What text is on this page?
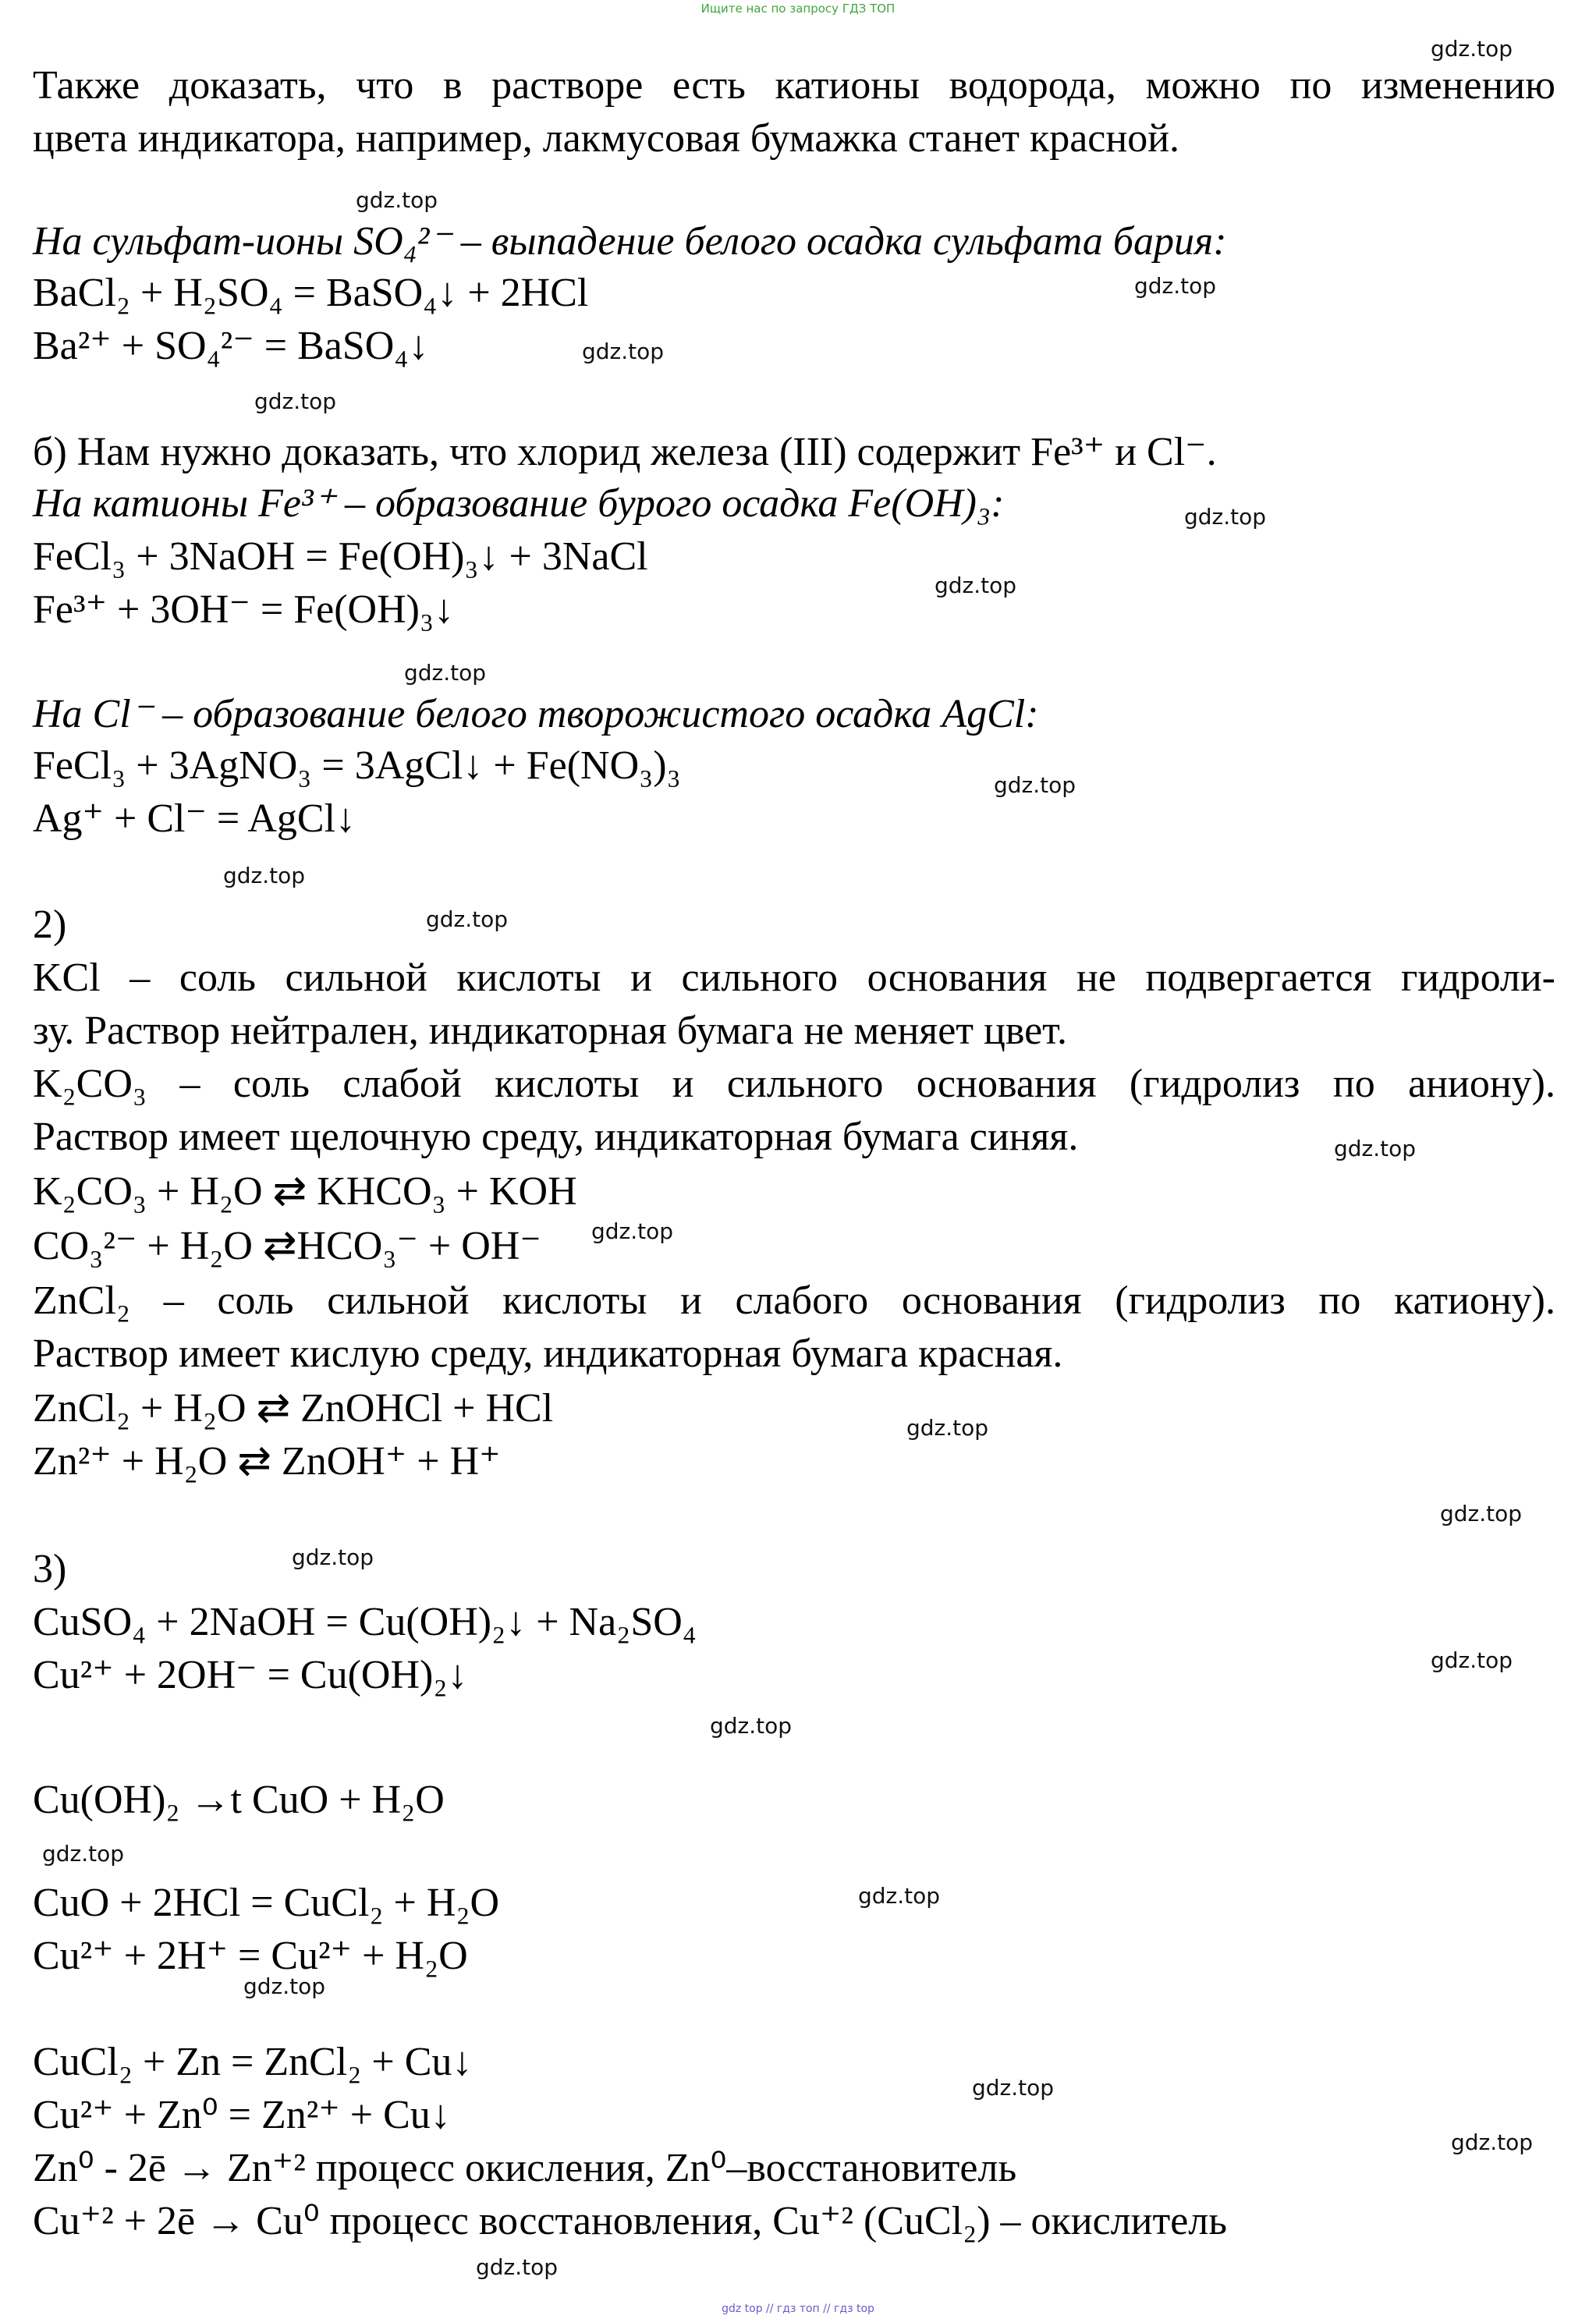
Ищите нас по запросу ГДЗ ТОП
Также доказать, что в растворе есть катионы водорода, можно по изменению
цвета индикатора, например, лакмусовая бумажка станет красной.
На сульфат-ионы SO₄²⁻ – выпадение белого осадка сульфата бария:
BaCl₂ + H₂SO₄ = BaSO₄↓ + 2HCl
Ba²⁺ + SO₄²⁻ = BaSO₄↓
б) Нам нужно доказать, что хлорид железа (III) содержит Fe³⁺ и Cl⁻.
На катионы Fe³⁺ – образование бурого осадка Fe(OH)₃:
FeCl₃ + 3NaOH = Fe(OH)₃↓ + 3NaCl
Fe³⁺ + 3OH⁻ = Fe(OH)₃↓
На Cl⁻ – образование белого творожистого осадка AgCl:
FeCl₃ + 3AgNO₃ = 3AgCl↓ + Fe(NO₃)₃
Ag⁺ + Cl⁻ = AgCl↓
2)
KCl – соль сильной кислоты и сильного основания не подвергается гидроли-
зу. Раствор нейтрален, индикаторная бумага не меняет цвет.
K₂CO₃ – соль слабой кислоты и сильного основания (гидролиз по аниону).
Раствор имеет щелочную среду, индикаторная бумага синяя.
K₂CO₃ + H₂O ⇄ KHCO₃ + KOH
CO₃²⁻ + H₂O ⇄HCO₃⁻ + OH⁻
ZnCl₂ – соль сильной кислоты и слабого основания (гидролиз по катиону).
Раствор имеет кислую среду, индикаторная бумага красная.
ZnCl₂ + H₂O ⇄ ZnOHCl + HCl
Zn²⁺ + H₂O ⇄ ZnOH⁺ + H⁺
3)
CuSO₄ + 2NaOH = Cu(OH)₂↓ + Na₂SO₄
Cu²⁺ + 2OH⁻ = Cu(OH)₂↓
Cu(OH)₂ →t CuO + H₂O
CuO + 2HCl = CuCl₂ + H₂O
Cu²⁺ + 2H⁺ = Cu²⁺ + H₂O
CuCl₂ + Zn = ZnCl₂ + Cu↓
Cu²⁺ + Zn⁰ = Zn²⁺ + Cu↓
Zn⁰ - 2ē → Zn⁺² процесс окисления, Zn⁰–восстановитель
Cu⁺² + 2ē → Cu⁰ процесс восстановления, Cu⁺² (CuCl₂) – окислитель
gdz.top
gdz.top
gdz.top
gdz.top
gdz.top
gdz.top
gdz.top
gdz.top
gdz.top
gdz.top
gdz.top
gdz.top
gdz.top
gdz.top
gdz.top
gdz.top
gdz.top
gdz.top
gdz.top
gdz.top
gdz.top
gdz.top
gdz.top
gdz.top
gdz top // гдз топ // гдз top
